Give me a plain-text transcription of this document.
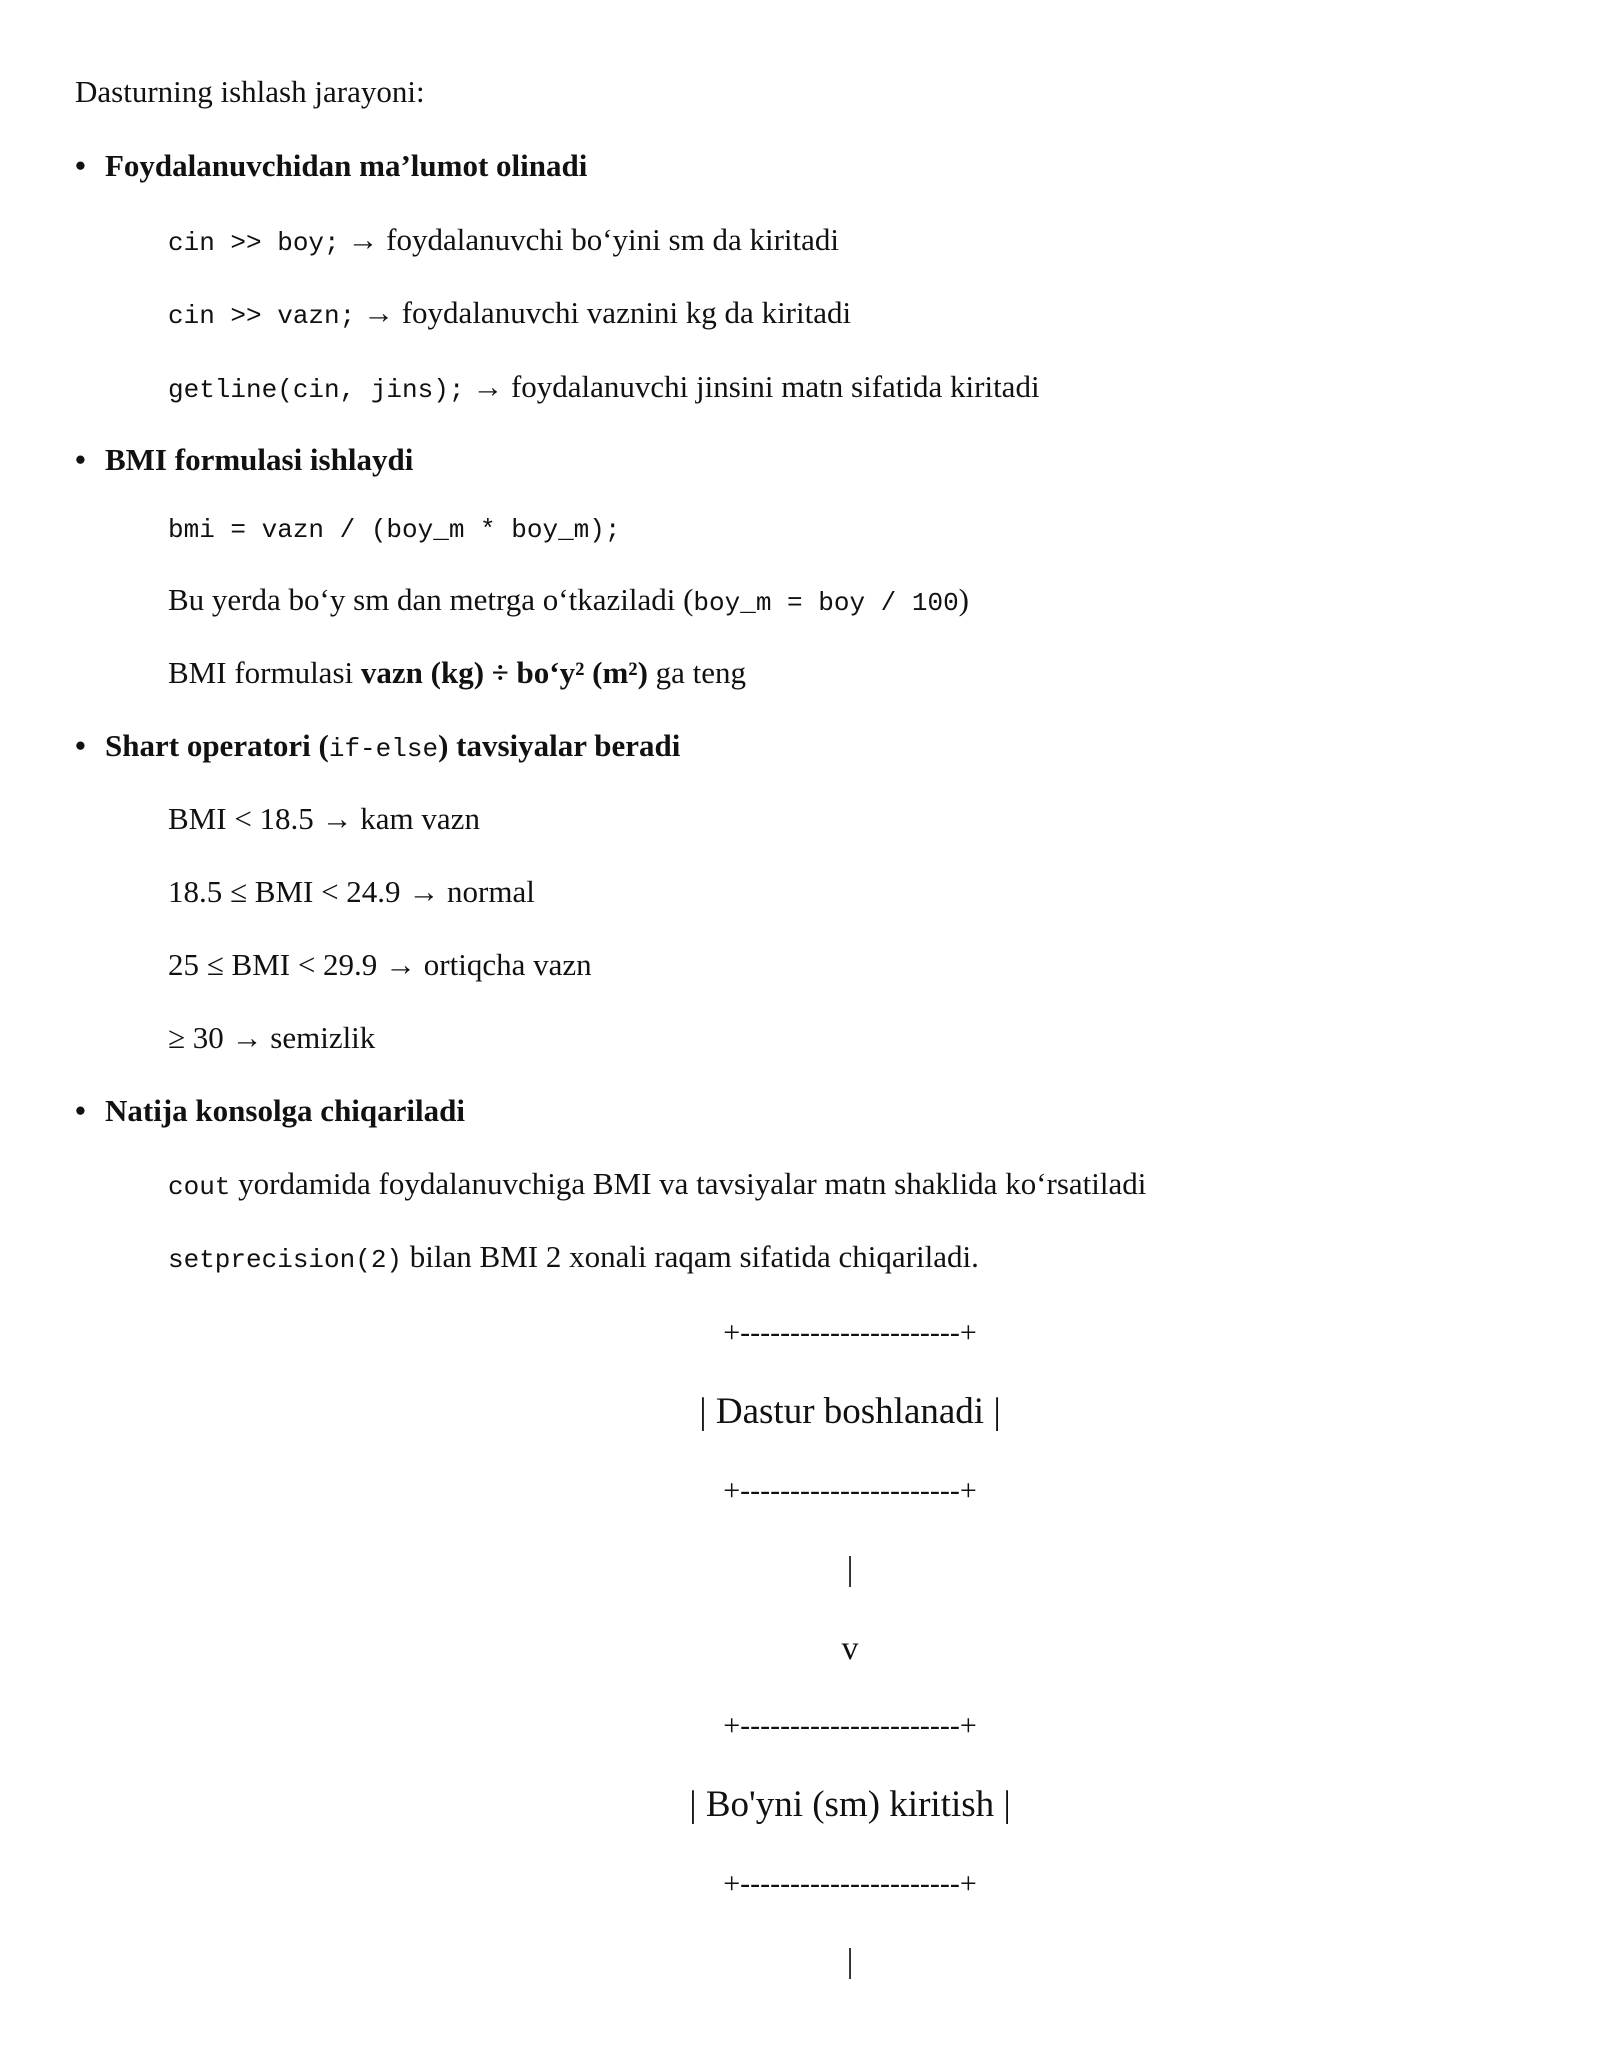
Dasturning ishlash jarayoni:
• Foydalanuvchidan ma’lumot olinadi
cin >> boy; → foydalanuvchi bo‘yini sm da kiritadi
cin >> vazn; → foydalanuvchi vaznini kg da kiritadi
getline(cin, jins); → foydalanuvchi jinsini matn sifatida kiritadi
• BMI formulasi ishlaydi
bmi = vazn / (boy_m * boy_m);
Bu yerda bo‘y sm dan metrga o‘tkaziladi (boy_m = boy / 100)
BMI formulasi vazn (kg) ÷ bo‘y² (m²) ga teng
• Shart operatori (if-else) tavsiyalar beradi
BMI < 18.5 → kam vazn
18.5 ≤ BMI < 24.9 → normal
25 ≤ BMI < 29.9 → ortiqcha vazn
≥ 30 → semizlik
• Natija konsolga chiqariladi
cout yordamida foydalanuvchiga BMI va tavsiyalar matn shaklida ko‘rsatiladi
setprecision(2) bilan BMI 2 xonali raqam sifatida chiqariladi.
+----------------------+
| Dastur boshlanadi |
+----------------------+
|
v
+----------------------+
| Bo'yni (sm) kiritish |
+----------------------+
|
